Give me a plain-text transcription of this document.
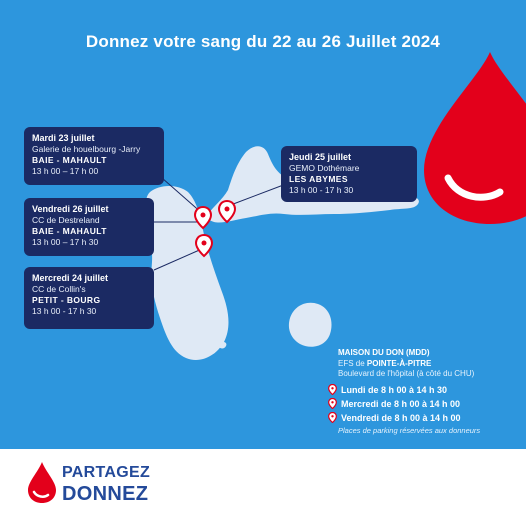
Donnez votre sang du 22 au 26 Juillet 2024
Mardi 23 juillet
Galerie de houelbourg -Jarry
BAIE - MAHAULT
13 h 00 – 17 h 00
Jeudi 25 juillet
GEMO Dothémare
LES ABYMES
13 h 00 - 17 h 30
Vendredi 26 juillet
CC de Destreland
BAIE - MAHAULT
13 h 00 – 17 h 30
Mercredi 24 juillet
CC de Collin's
PETIT - BOURG
13 h 00 - 17 h 30
MAISON DU DON (MDD)
EFS de POINTE-À-PITRE
Boulevard de l'hôpital (à côté du CHU)
Lundi de 8 h 00 à 14 h 30
Mercredi de 8 h 00 à 14 h 00
Vendredi de 8 h 00 à 14 h 00
Places de parking réservées aux donneurs
PARTAGEZ
DONNEZ
